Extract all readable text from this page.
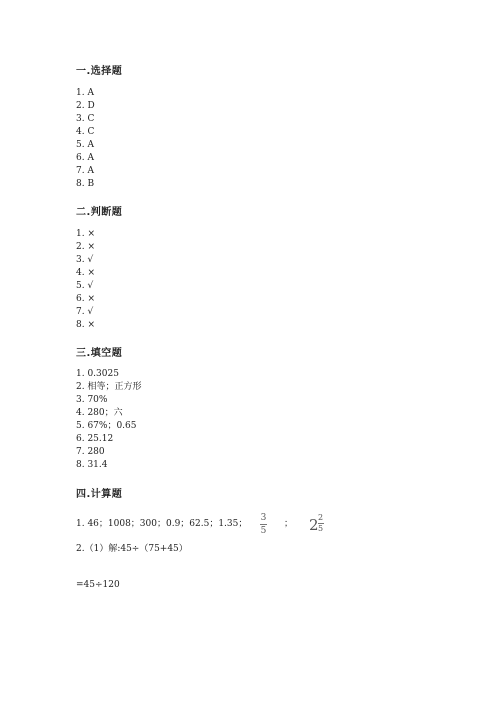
一.选择题
1. A
2. D
3. C
4. C
5. A
6. A
7. A
8. B
二.判断题
1. ×
2. ×
3. √
4. ×
5. √
6. ×
7. √
8. ×
三.填空题
1. 0.3025
2. 相等；正方形
3. 70%
4. 280；六
5. 67%；0.65
6. 25.12
7. 280
8. 31.4
四.计算题
1. 46；1008；300；0.9；62.5；1.35；
3
5
； 2 2
5
2.（1）解:45÷（75+45）
=45÷120
